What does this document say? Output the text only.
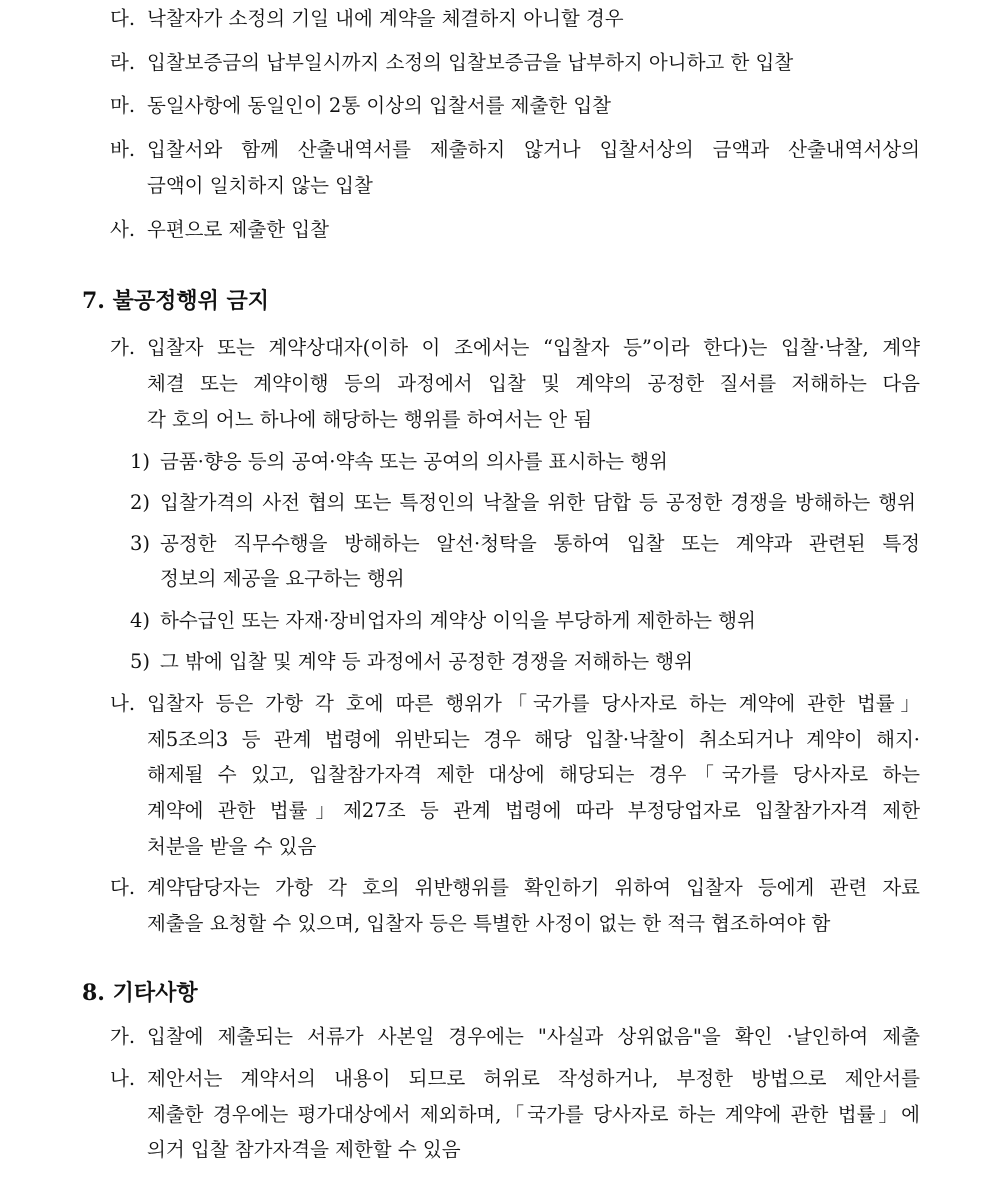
다. 낙찰자가 소정의 기일 내에 계약을 체결하지 아니할 경우
라. 입찰보증금의 납부일시까지 소정의 입찰보증금을 납부하지 아니하고 한 입찰
마. 동일사항에 동일인이 2통 이상의 입찰서를 제출한 입찰
바. 입찰서와 함께 산출내역서를 제출하지 않거나 입찰서상의 금액과 산출내역서상의
금액이 일치하지 않는 입찰
사. 우편으로 제출한 입찰
7. 불공정행위 금지
가. 입찰자 또는 계약상대자(이하 이 조에서는 “입찰자 등”이라 한다)는 입찰·낙찰, 계약
체결 또는 계약이행 등의 과정에서 입찰 및 계약의 공정한 질서를 저해하는 다음
각 호의 어느 하나에 해당하는 행위를 하여서는 안 됨
1) 금품·향응 등의 공여·약속 또는 공여의 의사를 표시하는 행위
2) 입찰가격의 사전 협의 또는 특정인의 낙찰을 위한 담합 등 공정한 경쟁을 방해하는 행위
3) 공정한 직무수행을 방해하는 알선·청탁을 통하여 입찰 또는 계약과 관련된 특정
정보의 제공을 요구하는 행위
4) 하수급인 또는 자재·장비업자의 계약상 이익을 부당하게 제한하는 행위
5) 그 밖에 입찰 및 계약 등 과정에서 공정한 경쟁을 저해하는 행위
나. 입찰자 등은 가항 각 호에 따른 행위가「국가를 당사자로 하는 계약에 관한 법률」
제5조의3 등 관계 법령에 위반되는 경우 해당 입찰·낙찰이 취소되거나 계약이 해지·
해제될 수 있고, 입찰참가자격 제한 대상에 해당되는 경우「국가를 당사자로 하는
계약에 관한 법률」제27조 등 관계 법령에 따라 부정당업자로 입찰참가자격 제한
처분을 받을 수 있음
다. 계약담당자는 가항 각 호의 위반행위를 확인하기 위하여 입찰자 등에게 관련 자료
제출을 요청할 수 있으며, 입찰자 등은 특별한 사정이 없는 한 적극 협조하여야 함
8. 기타사항
가. 입찰에 제출되는 서류가 사본일 경우에는 "사실과 상위없음"을 확인 ·날인하여 제출
나. 제안서는 계약서의 내용이 되므로 허위로 작성하거나, 부정한 방법으로 제안서를
제출한 경우에는 평가대상에서 제외하며,「국가를 당사자로 하는 계약에 관한 법률」에
의거 입찰 참가자격을 제한할 수 있음
